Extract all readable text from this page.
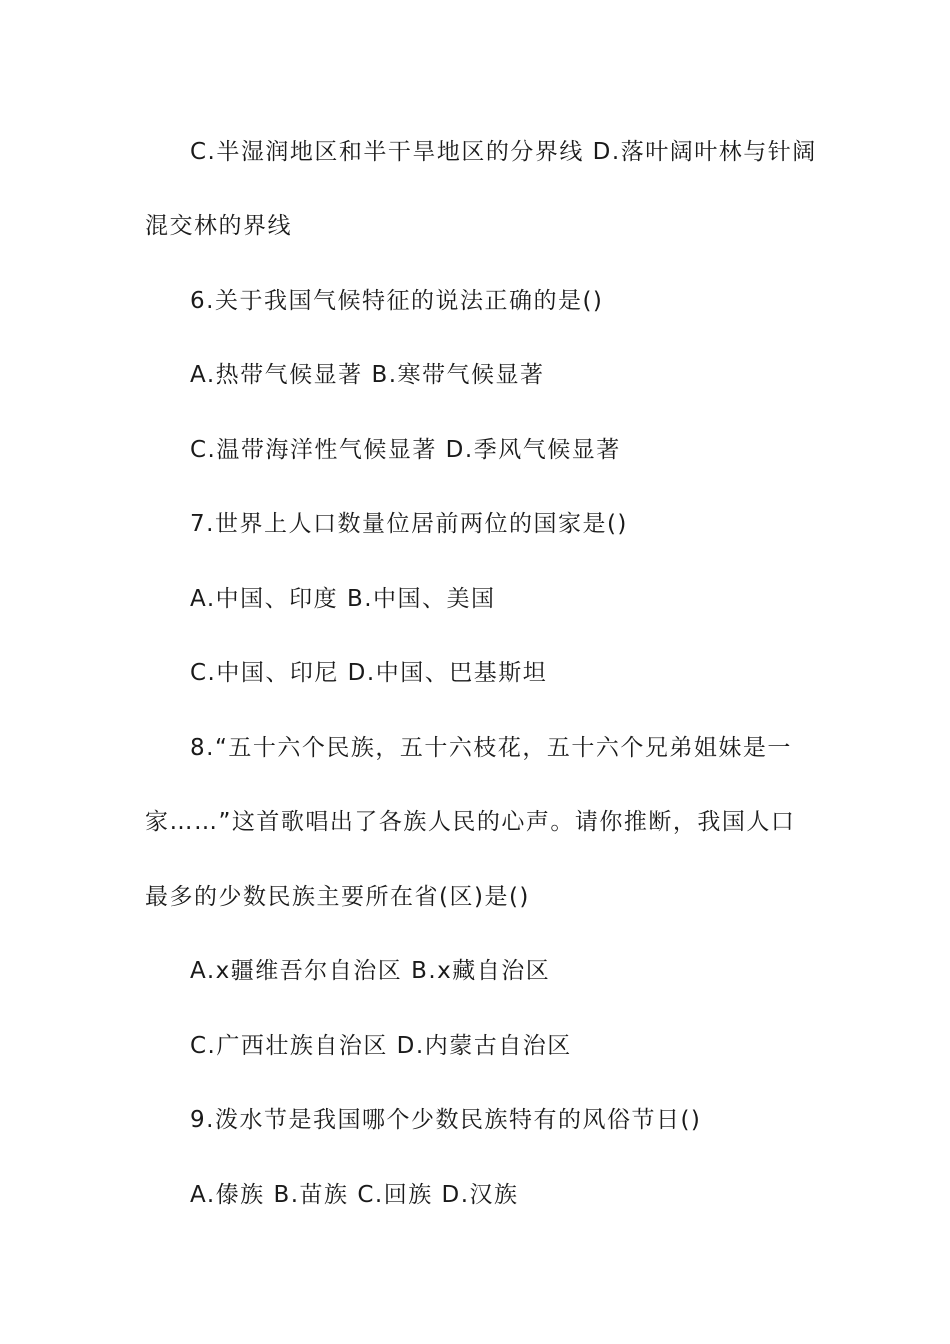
C.半湿润地区和半干旱地区的分界线 D.落叶阔叶林与针阔
混交林的界线
6.关于我国气候特征的说法正确的是()
A.热带气候显著 B.寒带气候显著
C.温带海洋性气候显著 D.季风气候显著
7.世界上人口数量位居前两位的国家是()
A.中国、印度 B.中国、美国
C.中国、印尼 D.中国、巴基斯坦
8.“五十六个民族，五十六枝花，五十六个兄弟姐妹是一
家……”这首歌唱出了各族人民的心声。请你推断，我国人口
最多的少数民族主要所在省(区)是()
A.x疆维吾尔自治区 B.x藏自治区
C.广西壮族自治区 D.内蒙古自治区
9.泼水节是我国哪个少数民族特有的风俗节日()
A.傣族 B.苗族 C.回族 D.汉族
